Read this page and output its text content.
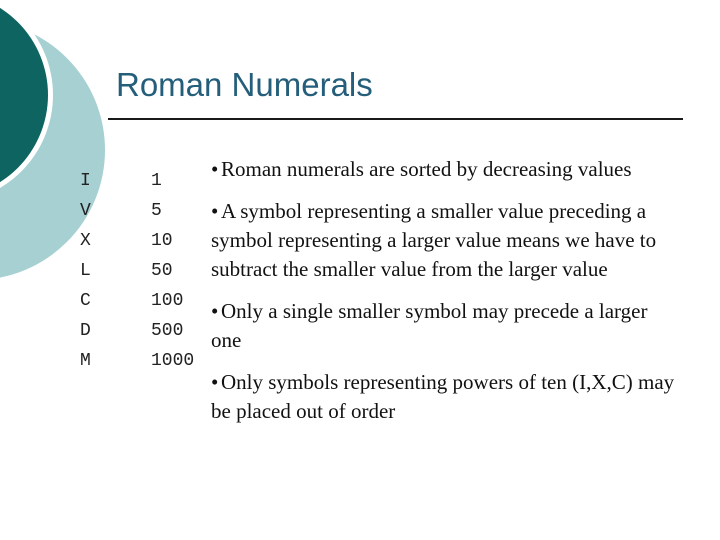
Roman Numerals
I
V
X
L
C
D
M
1
5
10
50
100
500
1000
• Roman numerals are sorted by decreasing values
• A symbol representing a smaller value preceding a symbol representing a larger value means we have to subtract the smaller value from the larger value
• Only a single smaller symbol may precede a larger one
• Only symbols representing powers of ten (I,X,C) may be placed out of order
